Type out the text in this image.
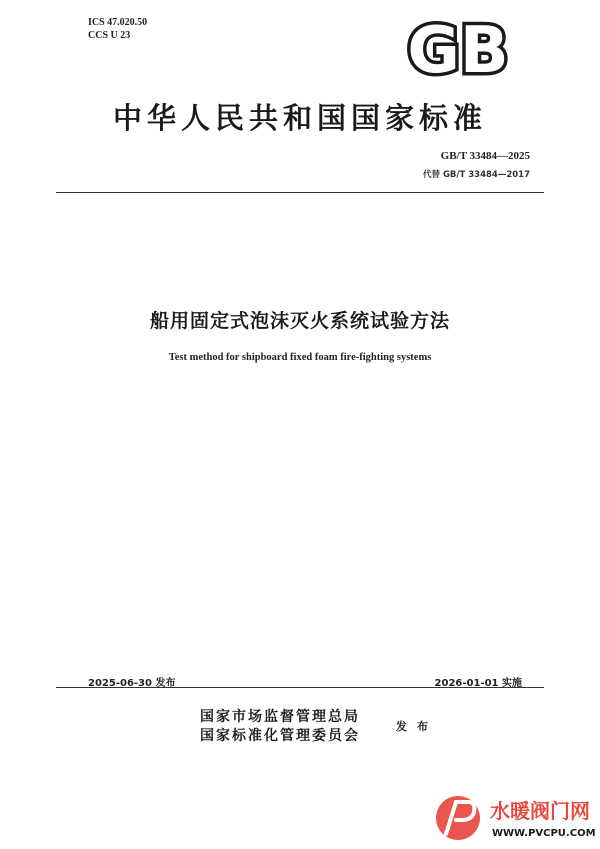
ICS 47.020.50
CCS U 23	GB
中华人民共和国国家标准
GB/T 33484—2025
代替 GB/T 33484—2017
船用固定式泡沫灭火系统试验方法
Test method for shipboard fixed foam fire-fighting systems
2025-06-30 发布	2026-01-01 实施
国家市场监督管理总局
国家标准化管理委员会
发 布
水暖阀门网
WWW.PVCPU.COM
